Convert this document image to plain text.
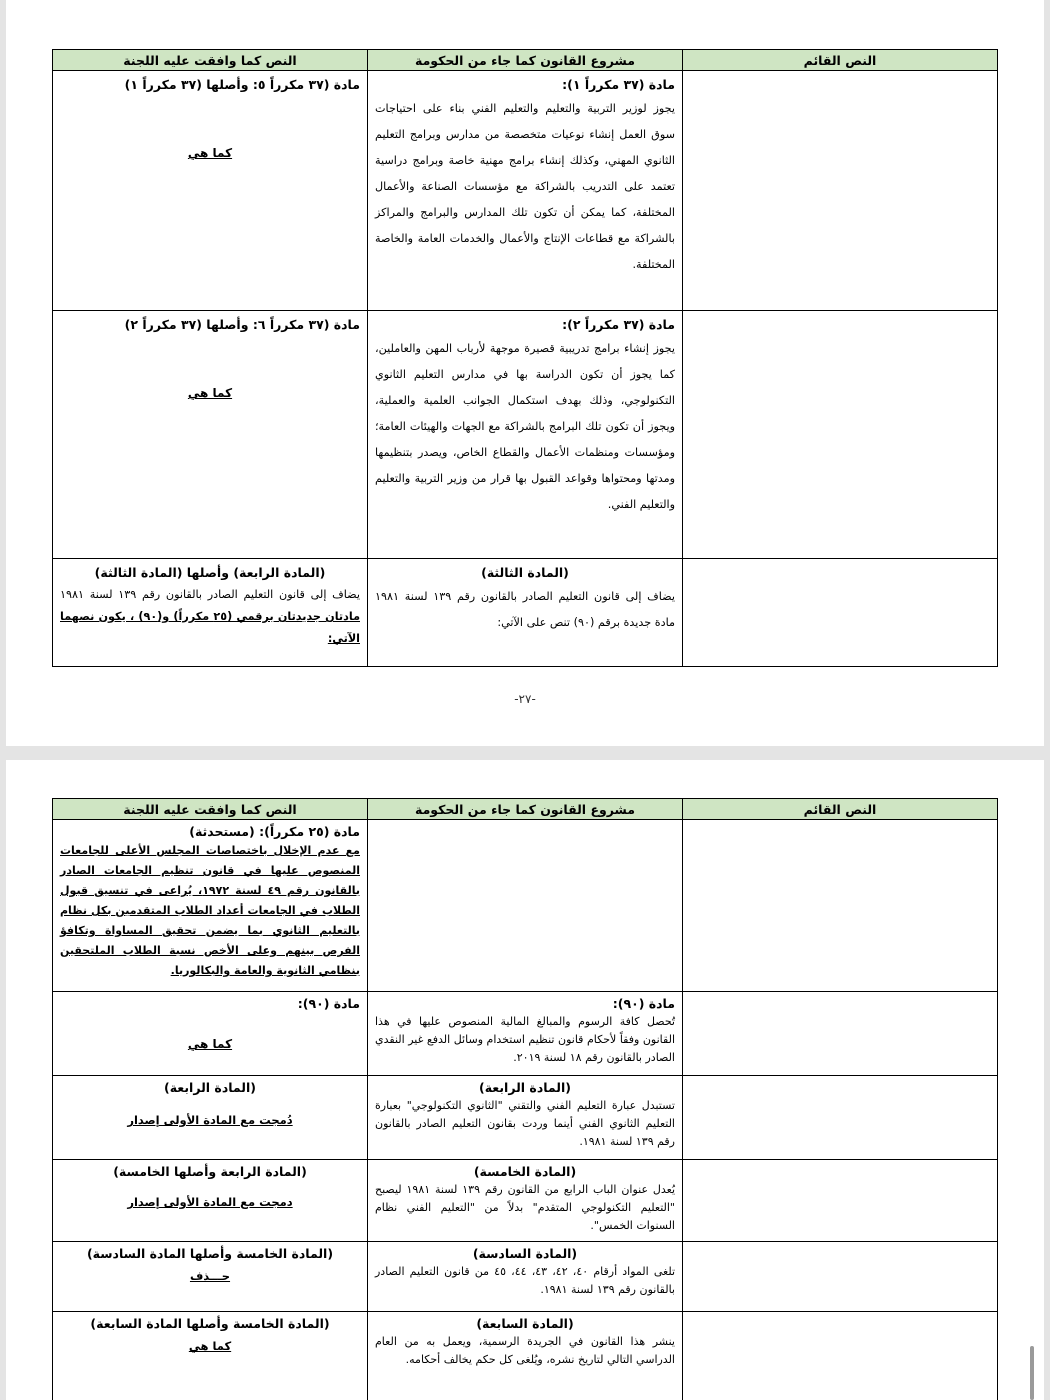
النص القائم	مشروع القانون كما جاء من الحكومة	النص كما وافقت عليه اللجنة

	مادة (٣٧ مكرراً ١):
يجوز لوزير التربية والتعليم والتعليم الفني بناء على احتياجات سوق العمل إنشاء نوعيات متخصصة من مدارس وبرامج التعليم الثانوي المهني، وكذلك إنشاء برامج مهنية خاصة وبرامج دراسية تعتمد على التدريب بالشراكة مع مؤسسات الصناعة والأعمال المختلفة، كما يمكن أن تكون تلك المدارس والبرامج والمراكز بالشراكة مع قطاعات الإنتاج والأعمال والخدمات العامة والخاصة المختلفة.	مادة (٣٧ مكرراً ٥: وأصلها (٣٧ مكرراً ١)
كما هي

	مادة (٣٧ مكرراً ٢):
يجوز إنشاء برامج تدريبية قصيرة موجهة لأرباب المهن والعاملين، كما يجوز أن تكون الدراسة بها في مدارس التعليم الثانوي التكنولوجي، وذلك بهدف استكمال الجوانب العلمية والعملية، ويجوز أن تكون تلك البرامج بالشراكة مع الجهات والهيئات العامة؛ ومؤسسات ومنظمات الأعمال والقطاع الخاص، ويصدر بتنظيمها ومدتها ومحتواها وقواعد القبول بها قرار من وزير التربية والتعليم والتعليم الفني.	مادة (٣٧ مكرراً ٦: وأصلها (٣٧ مكرراً ٢)
كما هي

	(المادة الثالثة)
يضاف إلى قانون التعليم الصادر بالقانون رقم ١٣٩ لسنة ١٩٨١ مادة جديدة برقم (٩٠) تنص على الآتي:	(المادة الرابعة) وأصلها (المادة الثالثة)
يضاف إلى قانون التعليم الصادر بالقانون رقم ١٣٩ لسنة ١٩٨١ مادتان جديدتان برقمي (٢٥ مكرراً) و(٩٠) ، يكون نصهما الآتي:
-٢٧-
النص القائم	مشروع القانون كما جاء من الحكومة	النص كما وافقت عليه اللجنة

		مادة (٢٥ مكرراً): (مستحدثة)
مع عدم الإخلال باختصاصات المجلس الأعلى للجامعات المنصوص عليها في قانون تنظيم الجامعات الصادر بالقانون رقم ٤٩ لسنة ١٩٧٢، يُراعى في تنسيق قبول الطلاب في الجامعات أعداد الطلاب المتقدمين بكل نظام بالتعليم الثانوي بما يضمن تحقيق المساواة وتكافؤ الفرص بينهم وعلى الأخص نسبة الطلاب الملتحقين بنظامي الثانوية والعامة والبكالوريا.

	مادة (٩٠):
تُحصل كافة الرسوم والمبالغ المالية المنصوص عليها في هذا القانون وفقاً لأحكام قانون تنظيم استخدام وسائل الدفع غير النقدي الصادر بالقانون رقم ١٨ لسنة ٢٠١٩.	مادة (٩٠):
كما هي

	(المادة الرابعة)
تستبدل عبارة التعليم الفني والتقني "الثانوي التكنولوجي" بعبارة التعليم الثانوي الفني أينما وردت بقانون التعليم الصادر بالقانون رقم ١٣٩ لسنة ١٩٨١.	(المادة الرابعة)
دُمجت مع المادة الأولى إصدار

	(المادة الخامسة)
يُعدل عنوان الباب الرابع من القانون رقم ١٣٩ لسنة ١٩٨١ ليصبح "التعليم التكنولوجي المتقدم" بدلاً من "التعليم الفني نظام السنوات الخمس".	(المادة الرابعة وأصلها الخامسة)
دمجت مع المادة الأولى إصدار

	(المادة السادسة)
تلغى المواد أرقام ٤٠، ٤٢، ٤٣، ٤٤، ٤٥ من قانون التعليم الصادر بالقانون رقم ١٣٩ لسنة ١٩٨١.	(المادة الخامسة وأصلها المادة السادسة)
حـــذف

	(المادة السابعة)
ينشر هذا القانون في الجريدة الرسمية، ويعمل به من العام الدراسي التالي لتاريخ نشره، ويُلغى كل حكم يخالف أحكامه.	(المادة الخامسة وأصلها المادة السابعة)
كما هي
